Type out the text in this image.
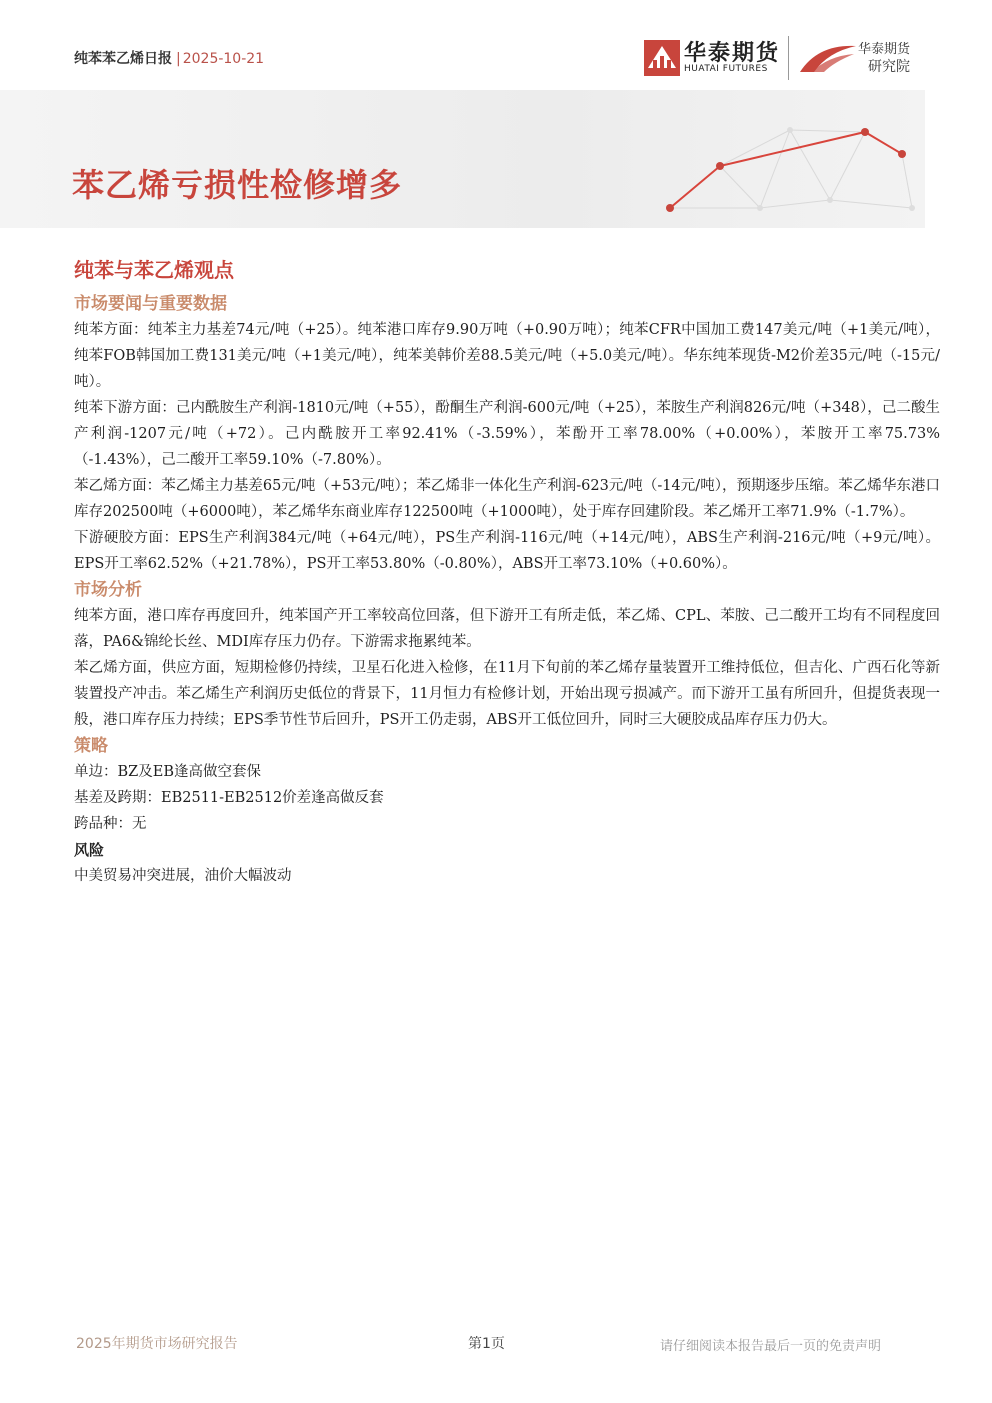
纯苯苯乙烯日报 | 2025-10-21	华泰期货
HUATAI FUTURES
华泰期货
研究院
苯乙烯亏损性检修增多
纯苯与苯乙烯观点
市场要闻与重要数据

纯苯方面：纯苯主力基差74元/吨（+25）。纯苯港口库存9.90万吨（+0.90万吨）；纯苯CFR中国加工费147美元/吨（+1美元/吨），纯苯FOB韩国加工费131美元/吨（+1美元/吨），纯苯美韩价差88.5美元/吨（+5.0美元/吨）。华东纯苯现货-M2价差35元/吨（-15元/吨）。

纯苯下游方面：己内酰胺生产利润-1810元/吨（+55），酚酮生产利润-600元/吨（+25），苯胺生产利润826元/吨（+348），己二酸生产利润-1207元/吨（+72）。己内酰胺开工率92.41%（-3.59%），苯酚开工率78.00%（+0.00%），苯胺开工率75.73%（-1.43%），己二酸开工率59.10%（-7.80%）。

苯乙烯方面：苯乙烯主力基差65元/吨（+53元/吨）；苯乙烯非一体化生产利润-623元/吨（-14元/吨），预期逐步压缩。苯乙烯华东港口库存202500吨（+6000吨），苯乙烯华东商业库存122500吨（+1000吨），处于库存回建阶段。苯乙烯开工率71.9%（-1.7%）。

下游硬胶方面：EPS生产利润384元/吨（+64元/吨），PS生产利润-116元/吨（+14元/吨），ABS生产利润-216元/吨（+9元/吨）。EPS开工率62.52%（+21.78%），PS开工率53.80%（-0.80%），ABS开工率73.10%（+0.60%）。

市场分析

纯苯方面，港口库存再度回升，纯苯国产开工率较高位回落，但下游开工有所走低，苯乙烯、CPL、苯胺、己二酸开工均有不同程度回落，PA6&锦纶长丝、MDI库存压力仍存。下游需求拖累纯苯。

苯乙烯方面，供应方面，短期检修仍持续，卫星石化进入检修，在11月下旬前的苯乙烯存量装置开工维持低位，但吉化、广西石化等新装置投产冲击。苯乙烯生产利润历史低位的背景下，11月恒力有检修计划，开始出现亏损减产。而下游开工虽有所回升，但提货表现一般，港口库存压力持续；EPS季节性节后回升，PS开工仍走弱，ABS开工低位回升，同时三大硬胶成品库存压力仍大。

策略

单边：BZ及EB逢高做空套保

基差及跨期：EB2511-EB2512价差逢高做反套

跨品种：无

风险

中美贸易冲突进展，油价大幅波动

2025年期货市场研究报告	第1页	请仔细阅读本报告最后一页的免责声明
